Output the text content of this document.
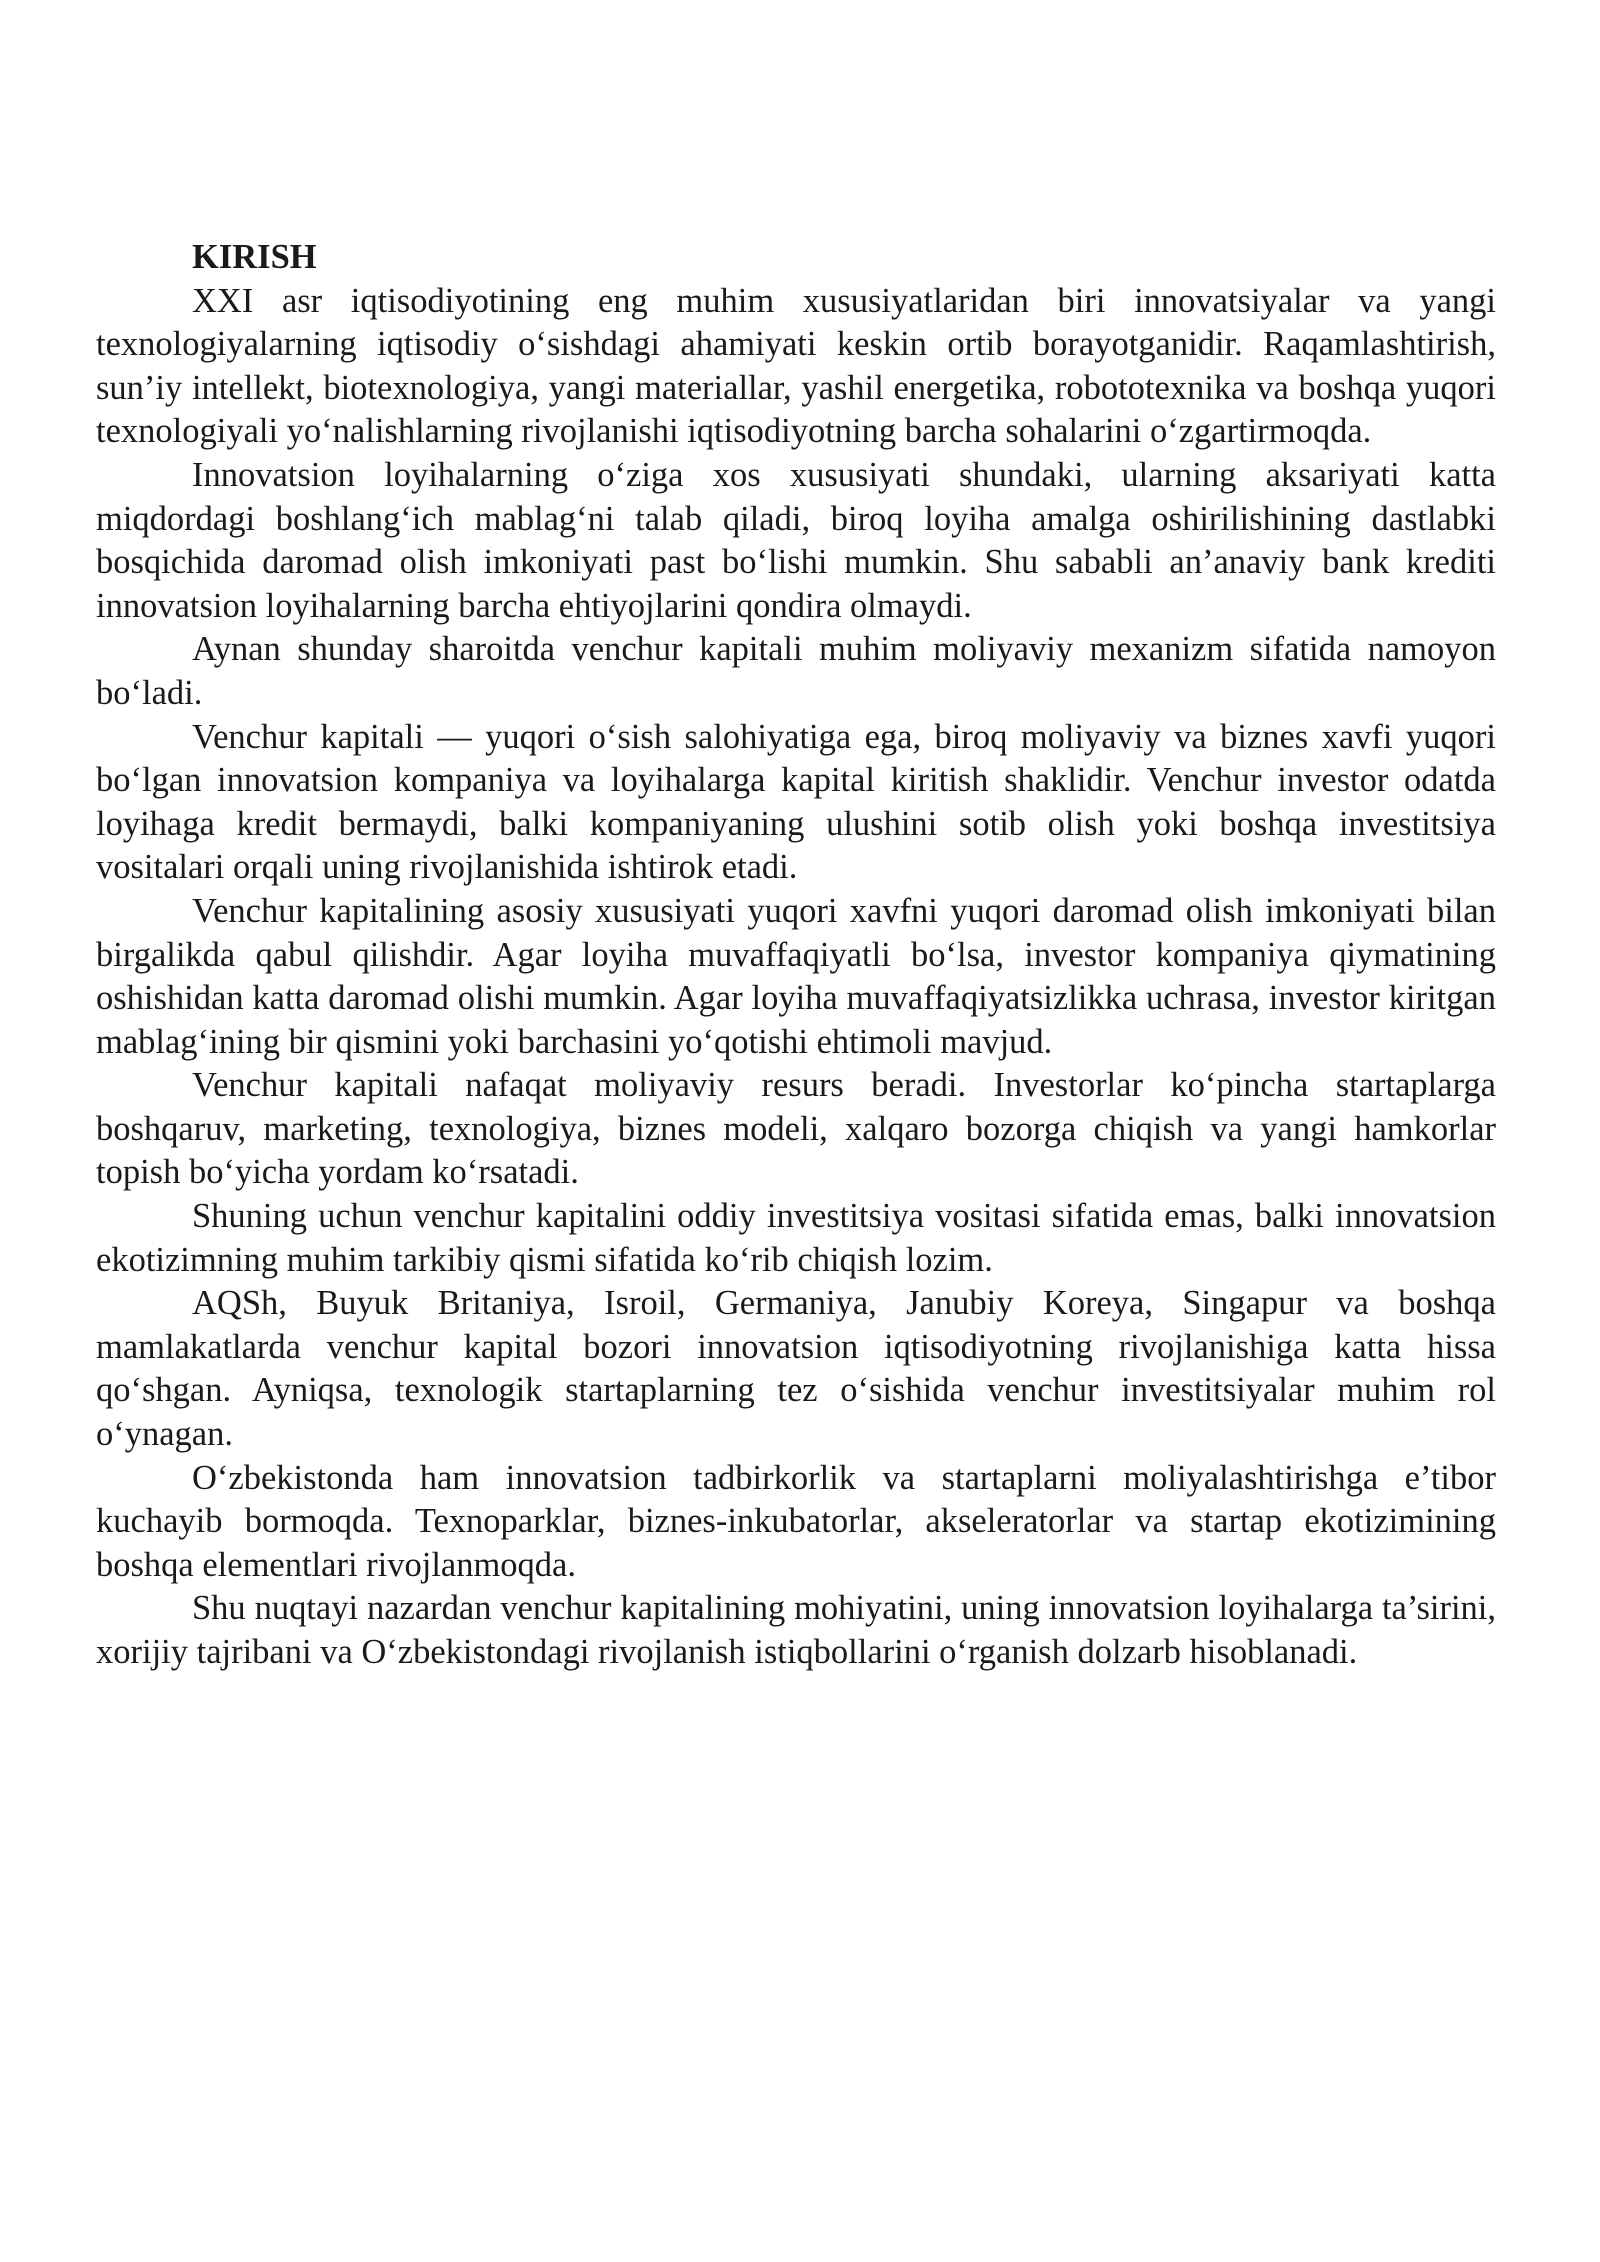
KIRISH

XXI asr iqtisodiyotining eng muhim xususiyatlaridan biri innovatsiyalar va yangi texnologiyalarning iqtisodiy o‘sishdagi ahamiyati keskin ortib borayotganidir. Raqamlashtirish, sun’iy intellekt, biotexnologiya, yangi materiallar, yashil energetika, robototexnika va boshqa yuqori texnologiyali yo‘nalishlarning rivojlanishi iqtisodiyotning barcha sohalarini o‘zgartirmoqda.

Innovatsion loyihalarning o‘ziga xos xususiyati shundaki, ularning aksariyati katta miqdordagi boshlang‘ich mablag‘ni talab qiladi, biroq loyiha amalga oshirilishining dastlabki bosqichida daromad olish imkoniyati past bo‘lishi mumkin. Shu sababli an’anaviy bank krediti innovatsion loyihalarning barcha ehtiyojlarini qondira olmaydi.

Aynan shunday sharoitda venchur kapitali muhim moliyaviy mexanizm sifatida namoyon bo‘ladi.

Venchur kapitali — yuqori o‘sish salohiyatiga ega, biroq moliyaviy va biznes xavfi yuqori bo‘lgan innovatsion kompaniya va loyihalarga kapital kiritish shaklidir. Venchur investor odatda loyihaga kredit bermaydi, balki kompaniyaning ulushini sotib olish yoki boshqa investitsiya vositalari orqali uning rivojlanishida ishtirok etadi.

Venchur kapitalining asosiy xususiyati yuqori xavfni yuqori daromad olish imkoniyati bilan birgalikda qabul qilishdir. Agar loyiha muvaffaqiyatli bo‘lsa, investor kompaniya qiymatining oshishidan katta daromad olishi mumkin. Agar loyiha muvaffaqiyatsizlikka uchrasa, investor kiritgan mablag‘ining bir qismini yoki barchasini yo‘qotishi ehtimoli mavjud.

Venchur kapitali nafaqat moliyaviy resurs beradi. Investorlar ko‘pincha startaplarga boshqaruv, marketing, texnologiya, biznes modeli, xalqaro bozorga chiqish va yangi hamkorlar topish bo‘yicha yordam ko‘rsatadi.

Shuning uchun venchur kapitalini oddiy investitsiya vositasi sifatida emas, balki innovatsion ekotizimning muhim tarkibiy qismi sifatida ko‘rib chiqish lozim.

AQSh, Buyuk Britaniya, Isroil, Germaniya, Janubiy Koreya, Singapur va boshqa mamlakatlarda venchur kapital bozori innovatsion iqtisodiyotning rivojlanishiga katta hissa qo‘shgan. Ayniqsa, texnologik startaplarning tez o‘sishida venchur investitsiyalar muhim rol o‘ynagan.

O‘zbekistonda ham innovatsion tadbirkorlik va startaplarni moliyalashtirishga e’tibor kuchayib bormoqda. Texnoparklar, biznes-inkubatorlar, akseleratorlar va startap ekotizimining boshqa elementlari rivojlanmoqda.

Shu nuqtayi nazardan venchur kapitalining mohiyatini, uning innovatsion loyihalarga ta’sirini, xorijiy tajribani va O‘zbekistondagi rivojlanish istiqbollarini o‘rganish dolzarb hisoblanadi.
